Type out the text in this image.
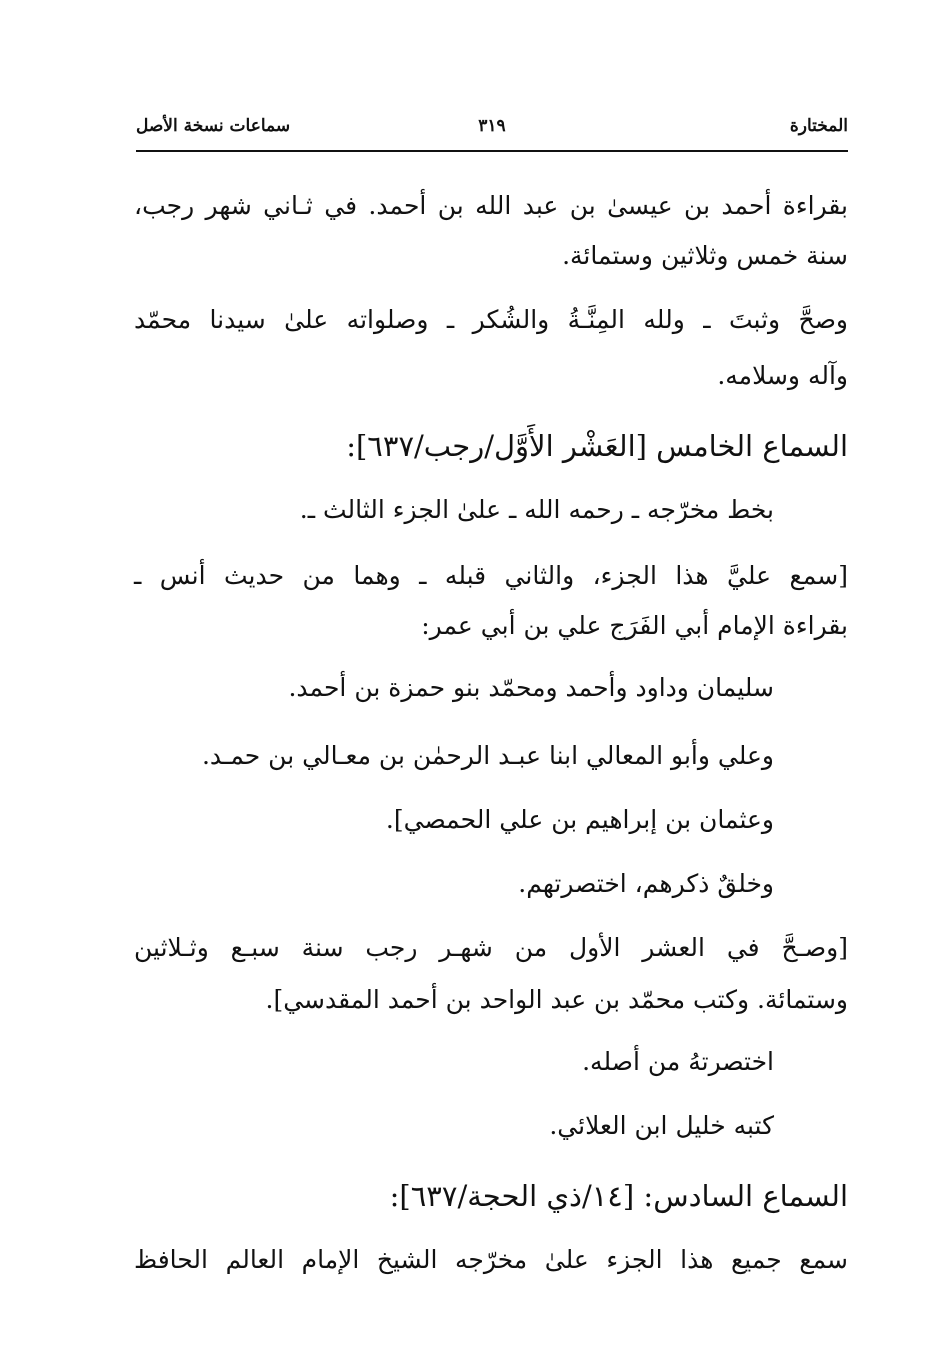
المختارة
٣١٩
سماعات نسخة الأصل
بقراءة أحمد بن عيسىٰ بن عبد الله بن أحمد. في ثـاني شهر رجب،
سنة خمس وثلاثين وستمائة.
وصحَّ وثبتَ ـ ولله المِنَّـةُ والشُكر ـ وصلواته علىٰ سيدنا محمّد
وآله وسلامه.
السماع الخامس [العَشْر الأَوَّل/رجب/٦٣٧]:
بخط مخرّجه ـ رحمه الله ـ علىٰ الجزء الثالث ـ.
[سمع عليَّ هذا الجزء، والثاني قبله ـ وهما من حديث أنس ـ
بقراءة الإمام أبي الفَرَج علي بن أبي عمر:
سليمان وداود وأحمد ومحمّد بنو حمزة بن أحمد.
وعلي وأبو المعالي ابنا عبـد الرحمٰن بن معـالي بن حمـد.
وعثمان بن إبراهيم بن علي الحمصي].
وخلقٌ ذكرهم، اختصرتهم.
[وصـحَّ في العشر الأول من شهـر رجب سنة سبـع وثـلاثين
وستمائة. وكتب محمّد بن عبد الواحد بن أحمد المقدسي].
اختصرتهُ من أصله.
كتبه خليل ابن العلائي.
السماع السادس: [١٤/ذي الحجة/٦٣٧]:
سمع جميع هذا الجزء علىٰ مخرّجه الشيخ الإمام العالم الحافظ
